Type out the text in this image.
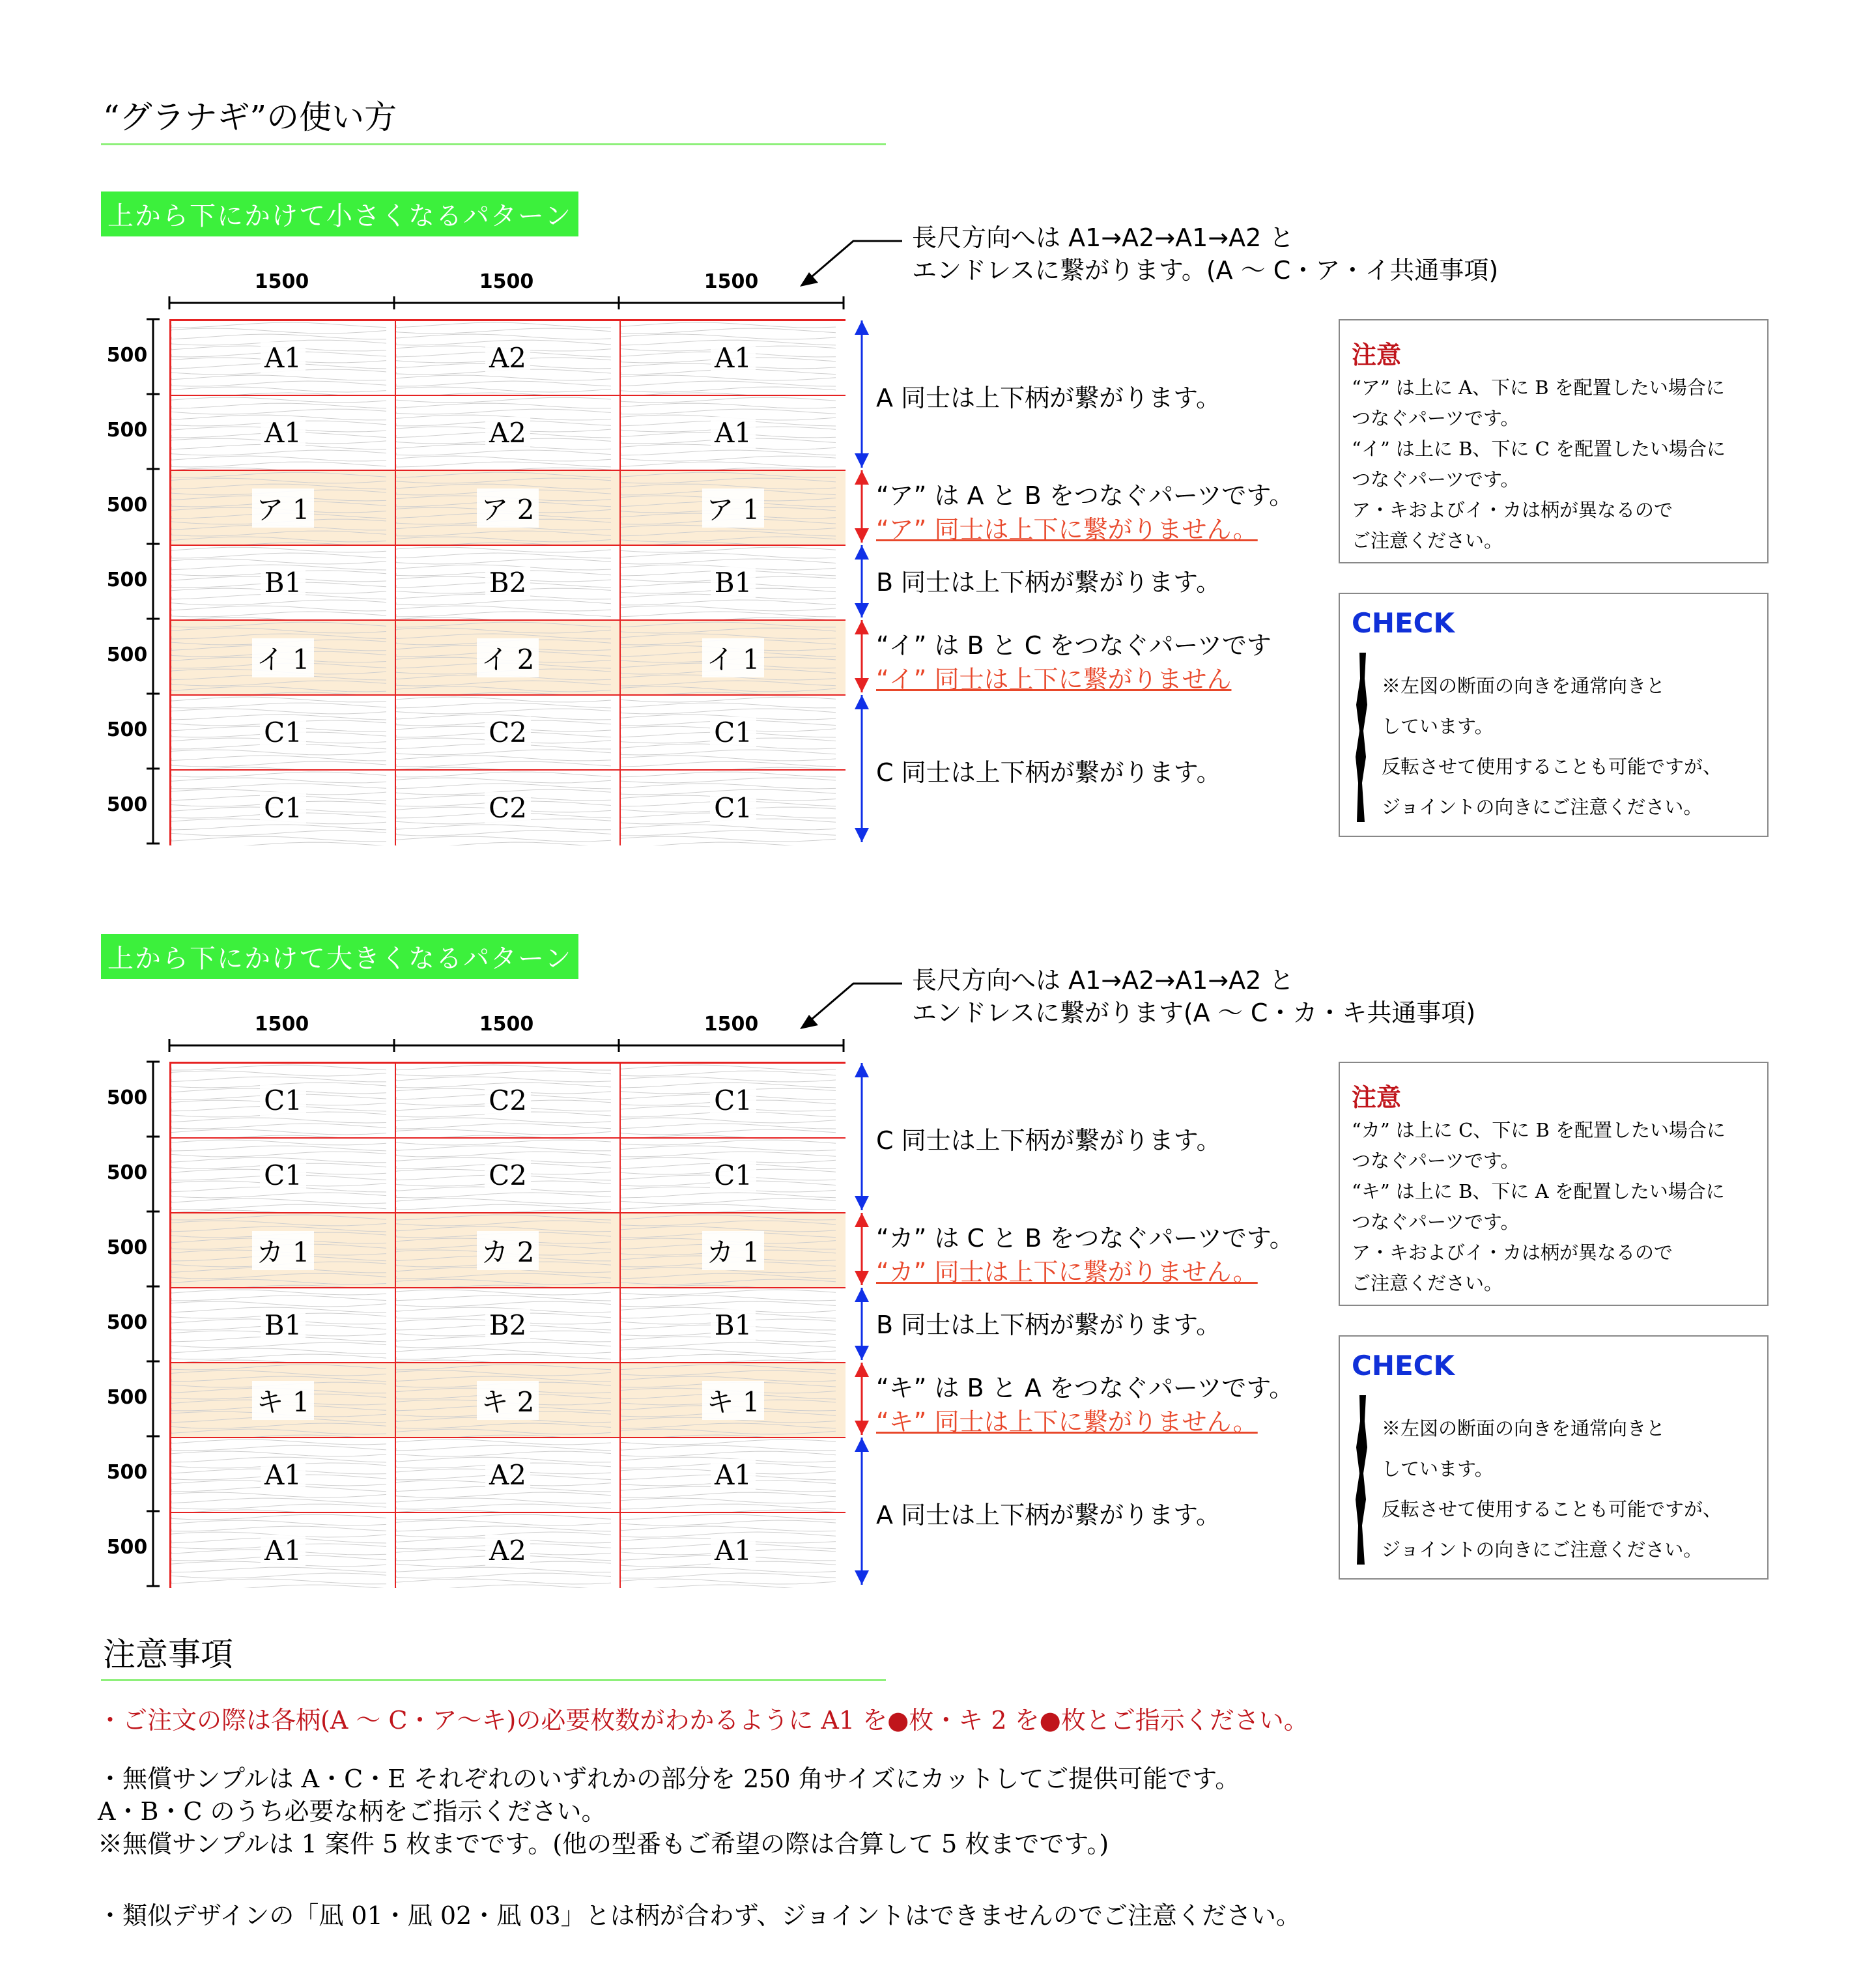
“グラナギ”の使い方
上から下にかけて小さくなるパターン
長尺方向へは A1→A2→A1→A2 と
エンドレスに繋がります。(A 〜 C・ア・イ共通事項)
1500	1500	1500
A1	A2	A1
A1	A2	A1
ア 1	ア 2	ア 1
B1	B2	B1
イ 1	イ 2	イ 1
C1	C2	C1
C1	C2	C1
500
500
500
500
500
500
500
A 同士は上下柄が繋がります。
“ア” は A と B をつなぐパーツです。
“ア” 同士は上下に繋がりません。
B 同士は上下柄が繋がります。
“イ” は B と C をつなぐパーツです
“イ” 同士は上下に繋がりません
C 同士は上下柄が繋がります。
注意
“ア” は上に A、下に B を配置したい場合に
つなぐパーツです。
“イ” は上に B、下に C を配置したい場合に
つなぐパーツです。
ア・キおよびイ・カは柄が異なるので
ご注意ください。
CHECK
※左図の断面の向きを通常向きと
しています。
反転させて使用することも可能ですが、
ジョイントの向きにご注意ください。
上から下にかけて大きくなるパターン
長尺方向へは A1→A2→A1→A2 と
エンドレスに繋がります(A 〜 C・カ・キ共通事項)
1500	1500	1500
C1	C2	C1
C1	C2	C1
カ 1	カ 2	カ 1
B1	B2	B1
キ 1	キ 2	キ 1
A1	A2	A1
A1	A2	A1
500
500
500
500
500
500
500
C 同士は上下柄が繋がります。
“カ” は C と B をつなぐパーツです。
“カ” 同士は上下に繋がりません。
B 同士は上下柄が繋がります。
“キ” は B と A をつなぐパーツです。
“キ” 同士は上下に繋がりません。
A 同士は上下柄が繋がります。
注意
“カ” は上に C、下に B を配置したい場合に
つなぐパーツです。
“キ” は上に B、下に A を配置したい場合に
つなぐパーツです。
ア・キおよびイ・カは柄が異なるので
ご注意ください。
CHECK
※左図の断面の向きを通常向きと
しています。
反転させて使用することも可能ですが、
ジョイントの向きにご注意ください。
注意事項
・ご注文の際は各柄(A 〜 C・ア〜キ)の必要枚数がわかるように A1 を●枚・キ 2 を●枚とご指示ください。
・無償サンプルは A・C・E それぞれのいずれかの部分を 250 角サイズにカットしてご提供可能です。
A・B・C のうち必要な柄をご指示ください。
※無償サンプルは 1 案件 5 枚までです。(他の型番もご希望の際は合算して 5 枚までです。)
・類似デザインの「凪 01・凪 02・凪 03」とは柄が合わず、ジョイントはできませんのでご注意ください。
